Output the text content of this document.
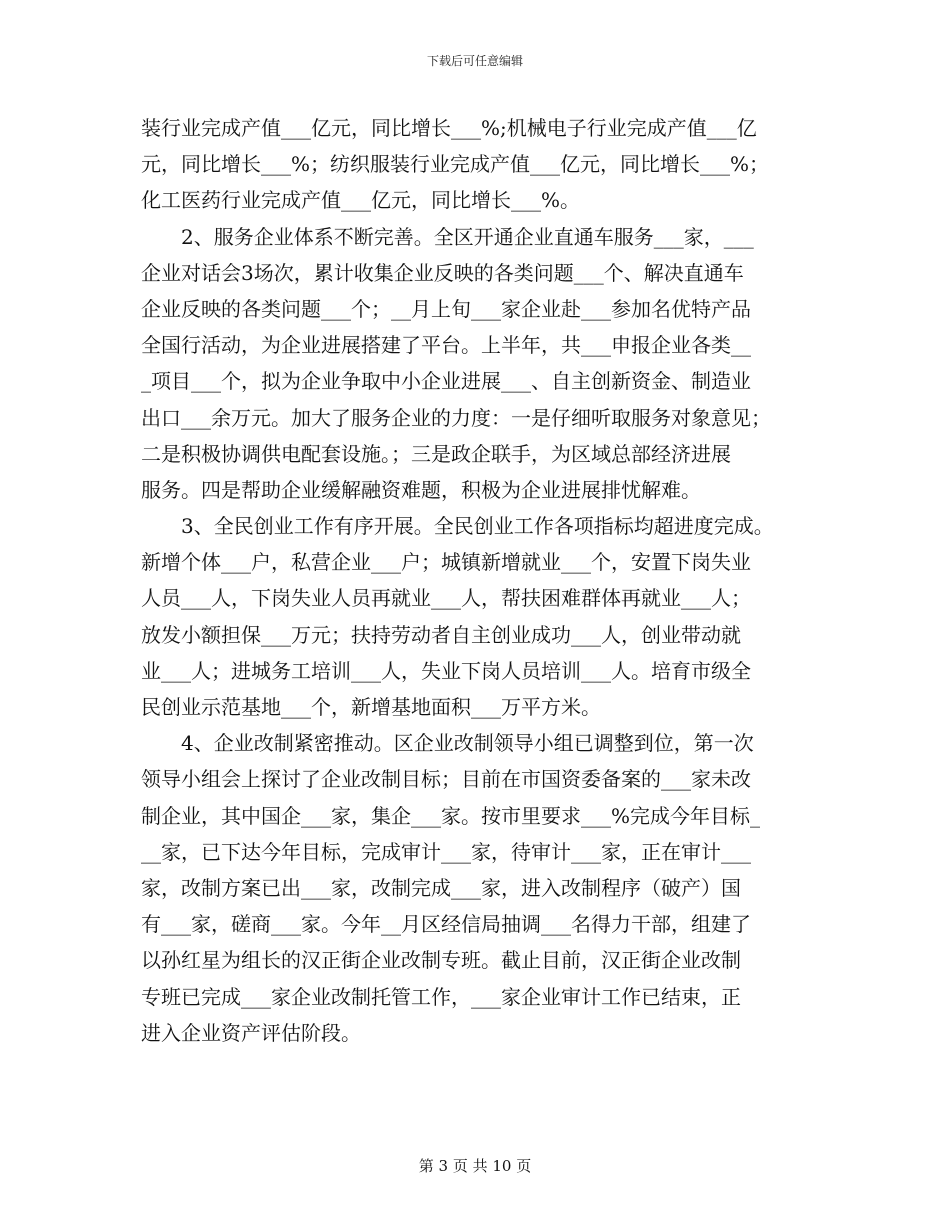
下载后可任意编辑
装行业完成产值___亿元，同比增长___%;机械电子行业完成产值___亿
元，同比增长___%；纺织服装行业完成产值___亿元，同比增长___%；
化工医药行业完成产值___亿元，同比增长___%。
2、服务企业体系不断完善。全区开通企业直通车服务___家，___
企业对话会3场次，累计收集企业反映的各类问题___个、解决直通车
企业反映的各类问题___个；__月上旬___家企业赴___参加名优特产品
全国行活动，为企业进展搭建了平台。上半年，共___申报企业各类__
_项目___个，拟为企业争取中小企业进展___、自主创新资金、制造业
出口___余万元。加大了服务企业的力度：一是仔细听取服务对象意见；
二是积极协调供电配套设施。；三是政企联手，为区域总部经济进展
服务。四是帮助企业缓解融资难题，积极为企业进展排忧解难。
3、全民创业工作有序开展。全民创业工作各项指标均超进度完成。
新增个体___户，私营企业___户；城镇新增就业___个，安置下岗失业
人员___人，下岗失业人员再就业___人，帮扶困难群体再就业___人；
放发小额担保___万元；扶持劳动者自主创业成功___人，创业带动就
业___人；进城务工培训___人，失业下岗人员培训___人。培育市级全
民创业示范基地___个，新增基地面积___万平方米。
4、企业改制紧密推动。区企业改制领导小组已调整到位，第一次
领导小组会上探讨了企业改制目标；目前在市国资委备案的___家未改
制企业，其中国企___家，集企___家。按市里要求___%完成今年目标_
__家，已下达今年目标，完成审计___家，待审计___家，正在审计___
家，改制方案已出___家，改制完成___家，进入改制程序（破产）国
有___家，磋商___家。今年__月区经信局抽调___名得力干部，组建了
以孙红星为组长的汉正街企业改制专班。截止目前，汉正街企业改制
专班已完成___家企业改制托管工作，___家企业审计工作已结束，正
进入企业资产评估阶段。
第 3 页 共 10 页
